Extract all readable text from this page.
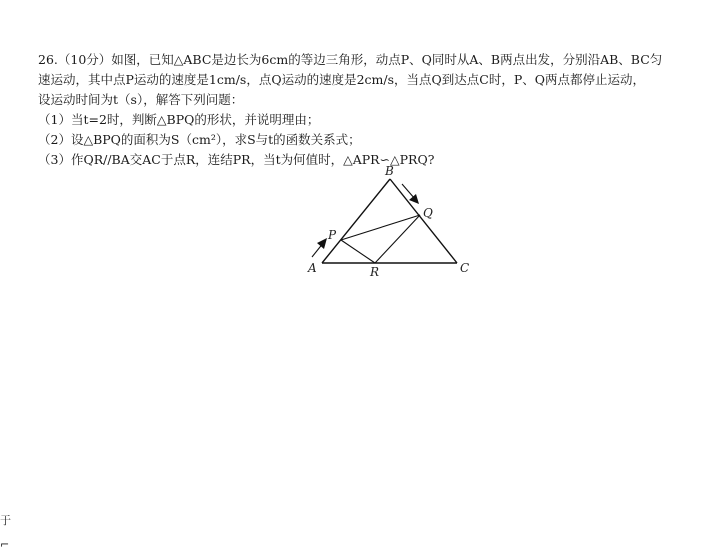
26.（10分）如图，已知△ABC是边长为6cm的等边三角形，动点P、Q同时从A、B两点出发，分别沿AB、BC匀
速运动，其中点P运动的速度是1cm/s，点Q运动的速度是2cm/s，当点Q到达点C时，P、Q两点都停止运动，
设运动时间为t（s），解答下列问题：
（1）当t=2时，判断△BPQ的形状，并说明理由；
（2）设△BPQ的面积为S（cm²），求S与t的函数关系式；
（3）作QR//BA交AC于点R，连结PR，当t为何值时，△APR∽△PRQ?
A
B
C
P
Q
R
于
⌐
